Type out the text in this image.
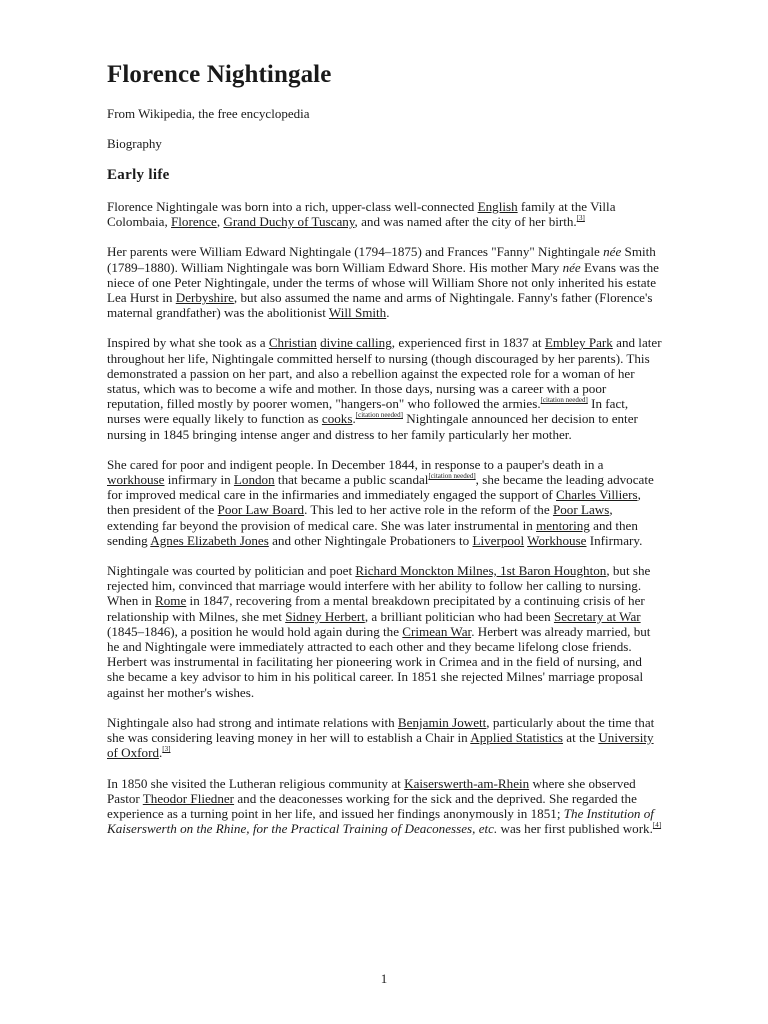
Florence Nightingale
From Wikipedia, the free encyclopedia
Biography
Early life

Florence Nightingale was born into a rich, upper-class well-connected English family at the Villa Colombaia, Florence, Grand Duchy of Tuscany, and was named after the city of her birth.[3]

Her parents were William Edward Nightingale (1794–1875) and Frances "Fanny" Nightingale née Smith (1789–1880). William Nightingale was born William Edward Shore. His mother Mary née Evans was the niece of one Peter Nightingale, under the terms of whose will William Shore not only inherited his estate Lea Hurst in Derbyshire, but also assumed the name and arms of Nightingale. Fanny's father (Florence's maternal grandfather) was the abolitionist Will Smith.

Inspired by what she took as a Christian divine calling, experienced first in 1837 at Embley Park and later throughout her life, Nightingale committed herself to nursing (though discouraged by her parents). This demonstrated a passion on her part, and also a rebellion against the expected role for a woman of her status, which was to become a wife and mother. In those days, nursing was a career with a poor reputation, filled mostly by poorer women, "hangers-on" who followed the armies.[citation needed] In fact, nurses were equally likely to function as cooks.[citation needed] Nightingale announced her decision to enter nursing in 1845 bringing intense anger and distress to her family particularly her mother.

She cared for poor and indigent people. In December 1844, in response to a pauper's death in a workhouse infirmary in London that became a public scandal[citation needed], she became the leading advocate for improved medical care in the infirmaries and immediately engaged the support of Charles Villiers, then president of the Poor Law Board. This led to her active role in the reform of the Poor Laws, extending far beyond the provision of medical care. She was later instrumental in mentoring and then sending Agnes Elizabeth Jones and other Nightingale Probationers to Liverpool Workhouse Infirmary.

Nightingale was courted by politician and poet Richard Monckton Milnes, 1st Baron Houghton, but she rejected him, convinced that marriage would interfere with her ability to follow her calling to nursing. When in Rome in 1847, recovering from a mental breakdown precipitated by a continuing crisis of her relationship with Milnes, she met Sidney Herbert, a brilliant politician who had been Secretary at War (1845–1846), a position he would hold again during the Crimean War. Herbert was already married, but he and Nightingale were immediately attracted to each other and they became lifelong close friends. Herbert was instrumental in facilitating her pioneering work in Crimea and in the field of nursing, and she became a key advisor to him in his political career. In 1851 she rejected Milnes' marriage proposal against her mother's wishes.

Nightingale also had strong and intimate relations with Benjamin Jowett, particularly about the time that she was considering leaving money in her will to establish a Chair in Applied Statistics at the University of Oxford.[3]

In 1850 she visited the Lutheran religious community at Kaiserswerth-am-Rhein where she observed Pastor Theodor Fliedner and the deaconesses working for the sick and the deprived. She regarded the experience as a turning point in her life, and issued her findings anonymously in 1851; The Institution of Kaiserswerth on the Rhine, for the Practical Training of Deaconesses, etc. was her first published work.[4]

1
